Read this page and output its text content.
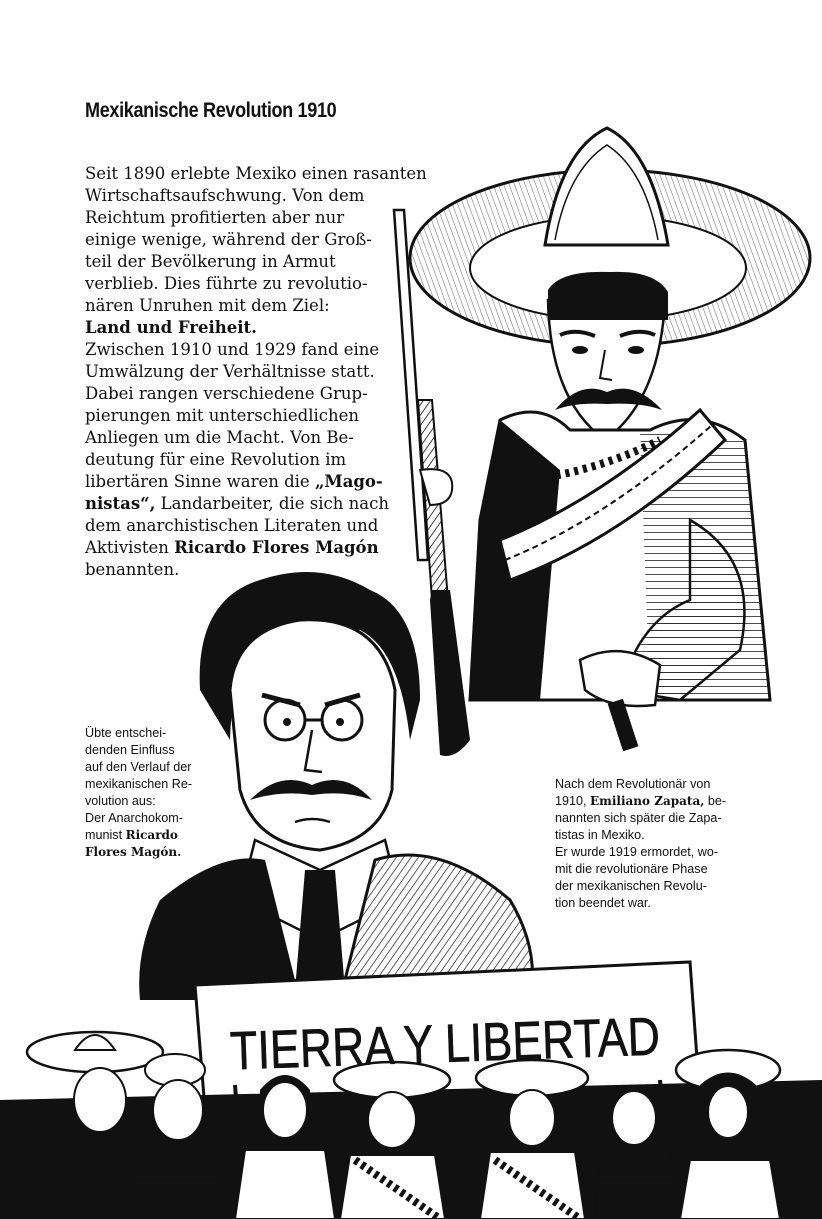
TIERRA Y LIBERTAD
Mexikanische Revolution 1910

Seit 1890 erlebte Mexiko einen rasanten

Wirtschaftsaufschwung. Von dem

Reichtum profitierten aber nur

einige wenige, während der Groß-

teil der Bevölkerung in Armut

verblieb. Dies führte zu revolutio-

nären Unruhen mit dem Ziel:

Land und Freiheit.

Zwischen 1910 und 1929 fand eine

Umwälzung der Verhältnisse statt.

Dabei rangen verschiedene Grup-

pierungen mit unterschiedlichen

Anliegen um die Macht. Von Be-

deutung für eine Revolution im

libertären Sinne waren die „Mago-

nistas“, Landarbeiter, die sich nach

dem anarchistischen Literaten und

Aktivisten Ricardo Flores Magón

benannten.

Übte entschei-
denden Einfluss
auf den Verlauf der
mexikanischen Re-
volution aus:
Der Anarchokom-
munist Ricardo
Flores Magón.
Nach dem Revolutionär von
1910, Emiliano Zapata, be-
nannten sich später die Zapa-
tistas in Mexiko.
Er wurde 1919 ermordet, wo-
mit die revolutionäre Phase
der mexikanischen Revolu-
tion beendet war.
